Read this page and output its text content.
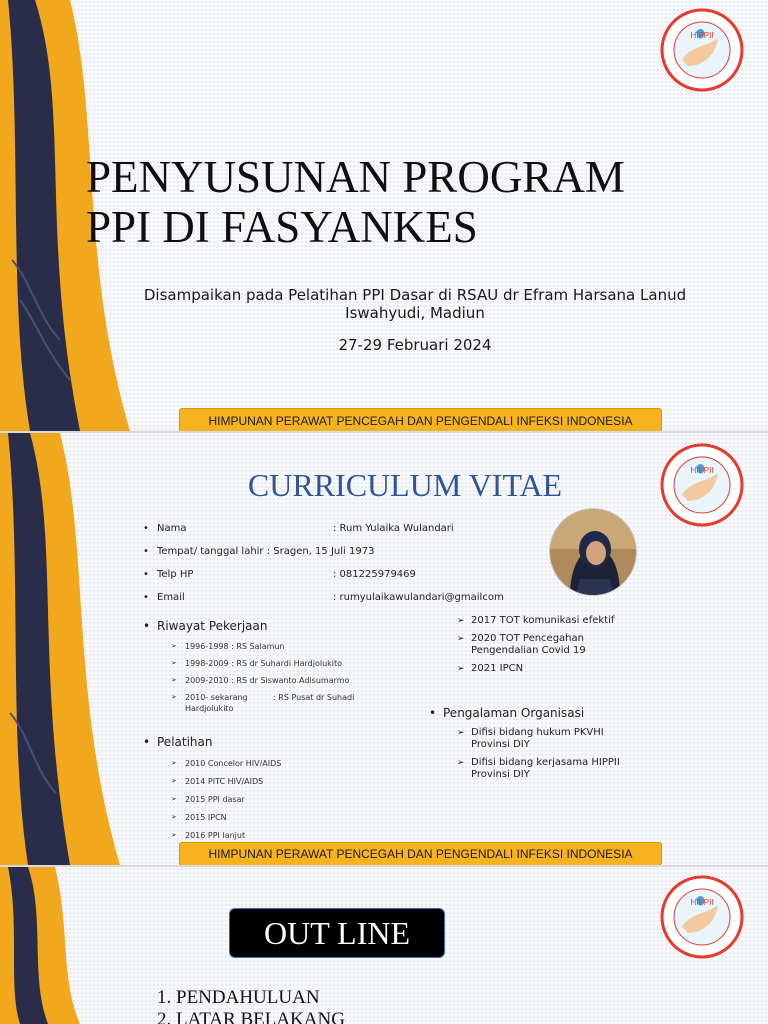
HIPPII
PENYUSUNAN PROGRAM
PPI DI FASYANKES
Disampaikan pada Pelatihan PPI Dasar di RSAU dr Efram Harsana Lanud Iswahyudi, Madiun
27-29 Februari 2024
HIMPUNAN PERAWAT PENCEGAH DAN PENGENDALI INFEKSI INDONESIA
HIPPII
CURRICULUM VITAE
• Nama	: Rum Yulaika Wulandari
• Tempat/ tanggal lahir : Sragen, 15 Juli 1973
• Telp HP	: 081225979469
• Email	: rumyulaikawulandari@gmailcom
• Riwayat Pekerjaan
➢ 1996-1998 : RS Salamun
➢ 1998-2009 : RS dr Suhardi Hardjolukito
➢ 2009-2010 : RS dr Siswanto Adisumarmo
➢ 2010- sekarang          : RS Pusat dr Suhadi Hardjolukito
• Pelatihan
➢ 2010 Concelor HIV/AIDS
➢ 2014 PITC HIV/AIDS
➢ 2015 PPI dasar
➢ 2015 IPCN
➢ 2016 PPI lanjut
➢ 2017 TOT komunikasi efektif
➢ 2020 TOT Pencegahan Pengendalian Covid 19
➢ 2021 IPCN
• Pengalaman Organisasi
➢ Difisi bidang hukum PKVHI Provinsi DIY
➢ Difisi bidang kerjasama HIPPII Provinsi DIY
HIMPUNAN PERAWAT PENCEGAH DAN PENGENDALI INFEKSI INDONESIA
HIPPII
OUT LINE
1. PENDAHULUAN
2. LATAR BELAKANG
